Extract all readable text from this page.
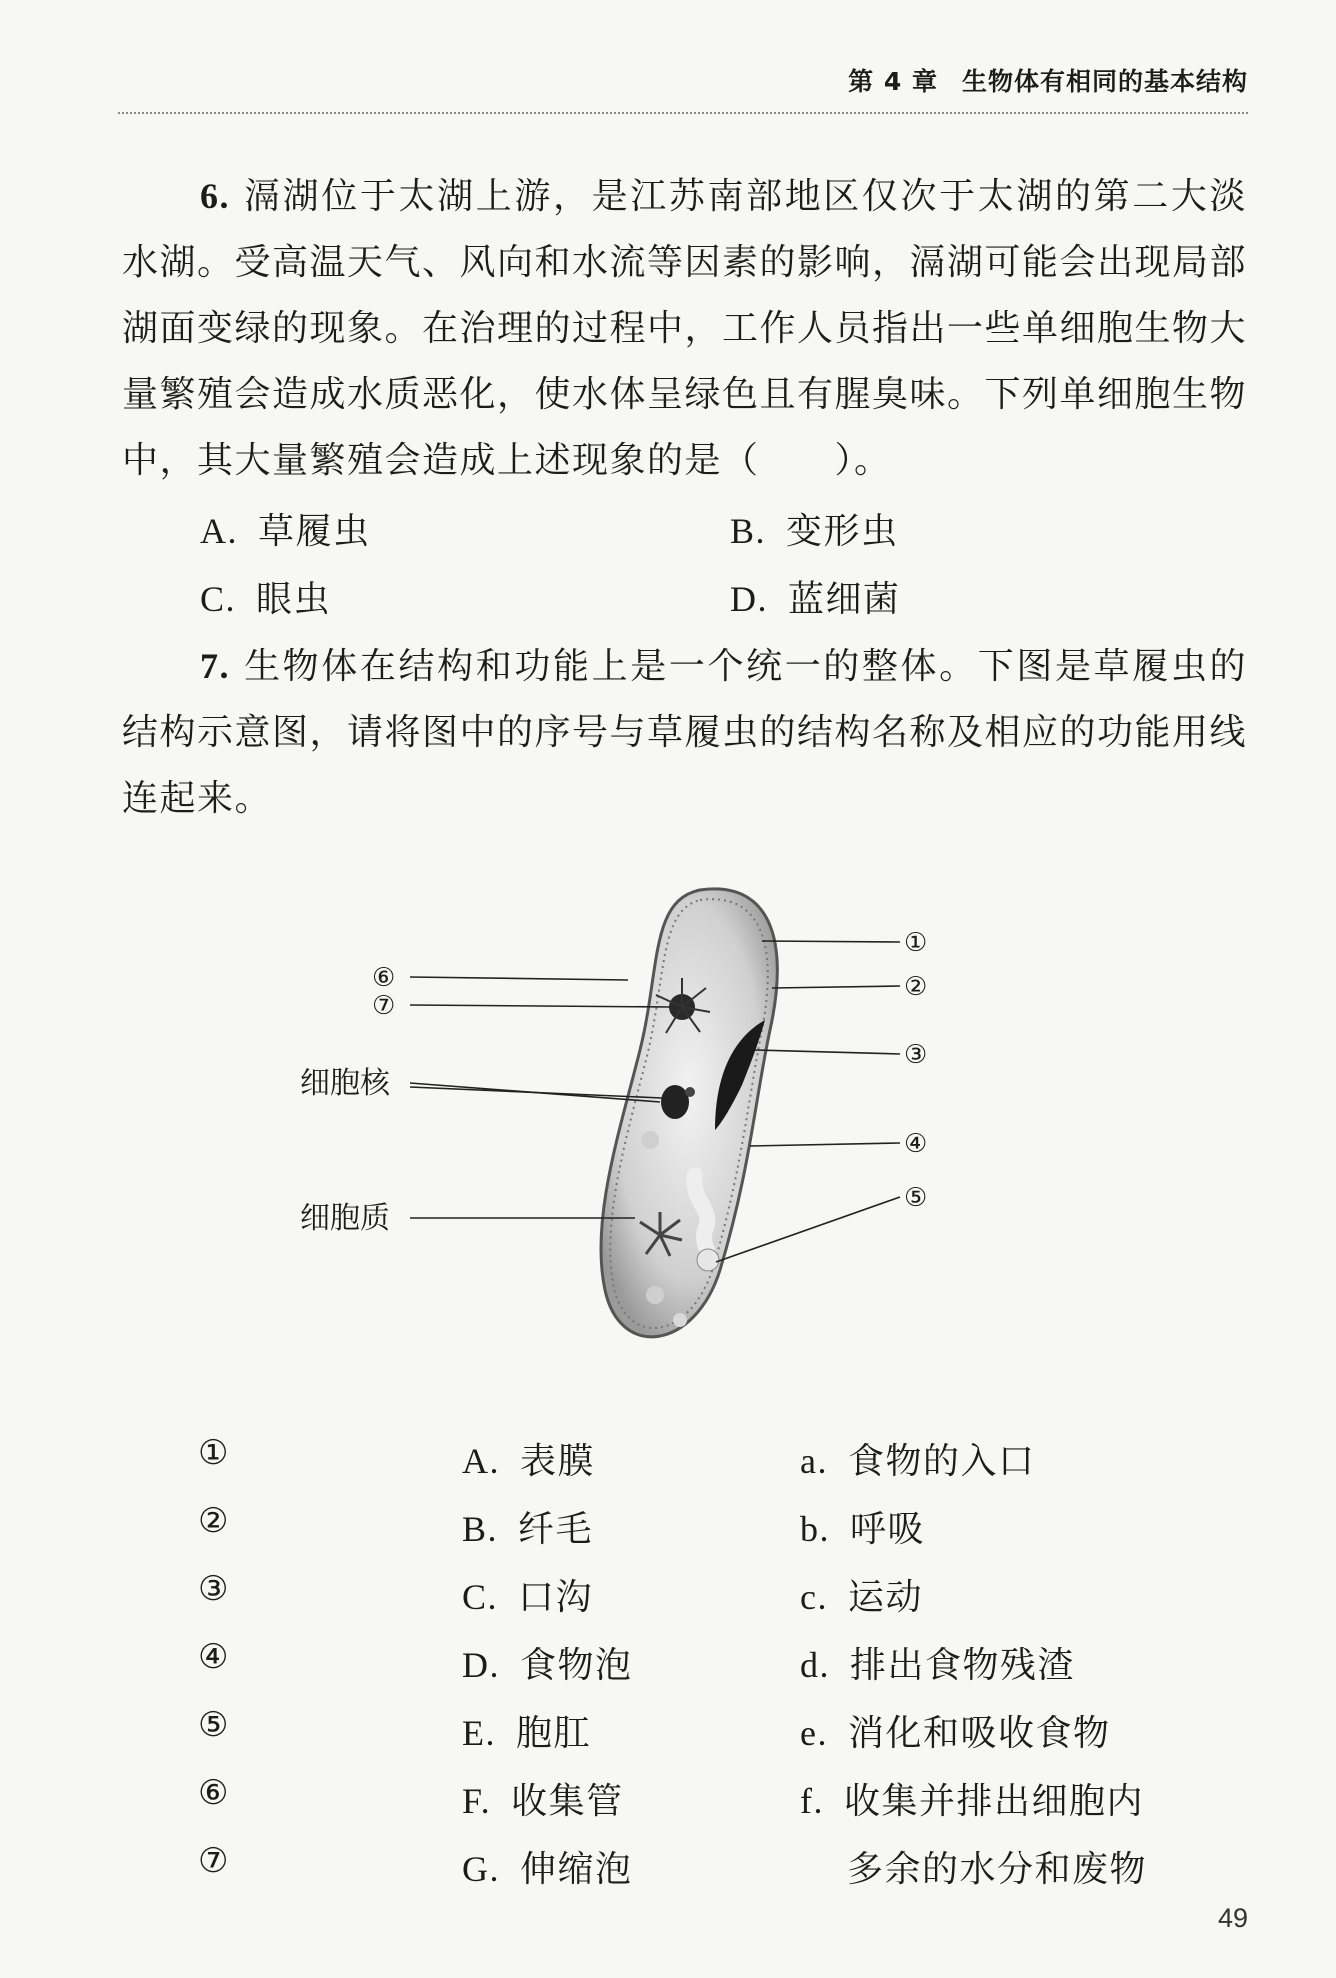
第 4 章 生物体有相同的基本结构
6. 滆湖位于太湖上游，是江苏南部地区仅次于太湖的第二大淡水湖。受高温天气、风向和水流等因素的影响，滆湖可能会出现局部湖面变绿的现象。在治理的过程中，工作人员指出一些单细胞生物大量繁殖会造成水质恶化，使水体呈绿色且有腥臭味。下列单细胞生物中，其大量繁殖会造成上述现象的是（　　）。
A. 草履虫	B. 变形虫
C. 眼虫	D. 蓝细菌
7. 生物体在结构和功能上是一个统一的整体。下图是草履虫的结构示意图，请将图中的序号与草履虫的结构名称及相应的功能用线连起来。
⑥
⑦
细胞核
细胞质
①
②
③
④
⑤
①
②
③
④
⑤
⑥
⑦
A. 表膜
B. 纤毛
C. 口沟
D. 食物泡
E. 胞肛
F. 收集管
G. 伸缩泡
a. 食物的入口
b. 呼吸
c. 运动
d. 排出食物残渣
e. 消化和吸收食物
f. 收集并排出细胞内
多余的水分和废物
49
